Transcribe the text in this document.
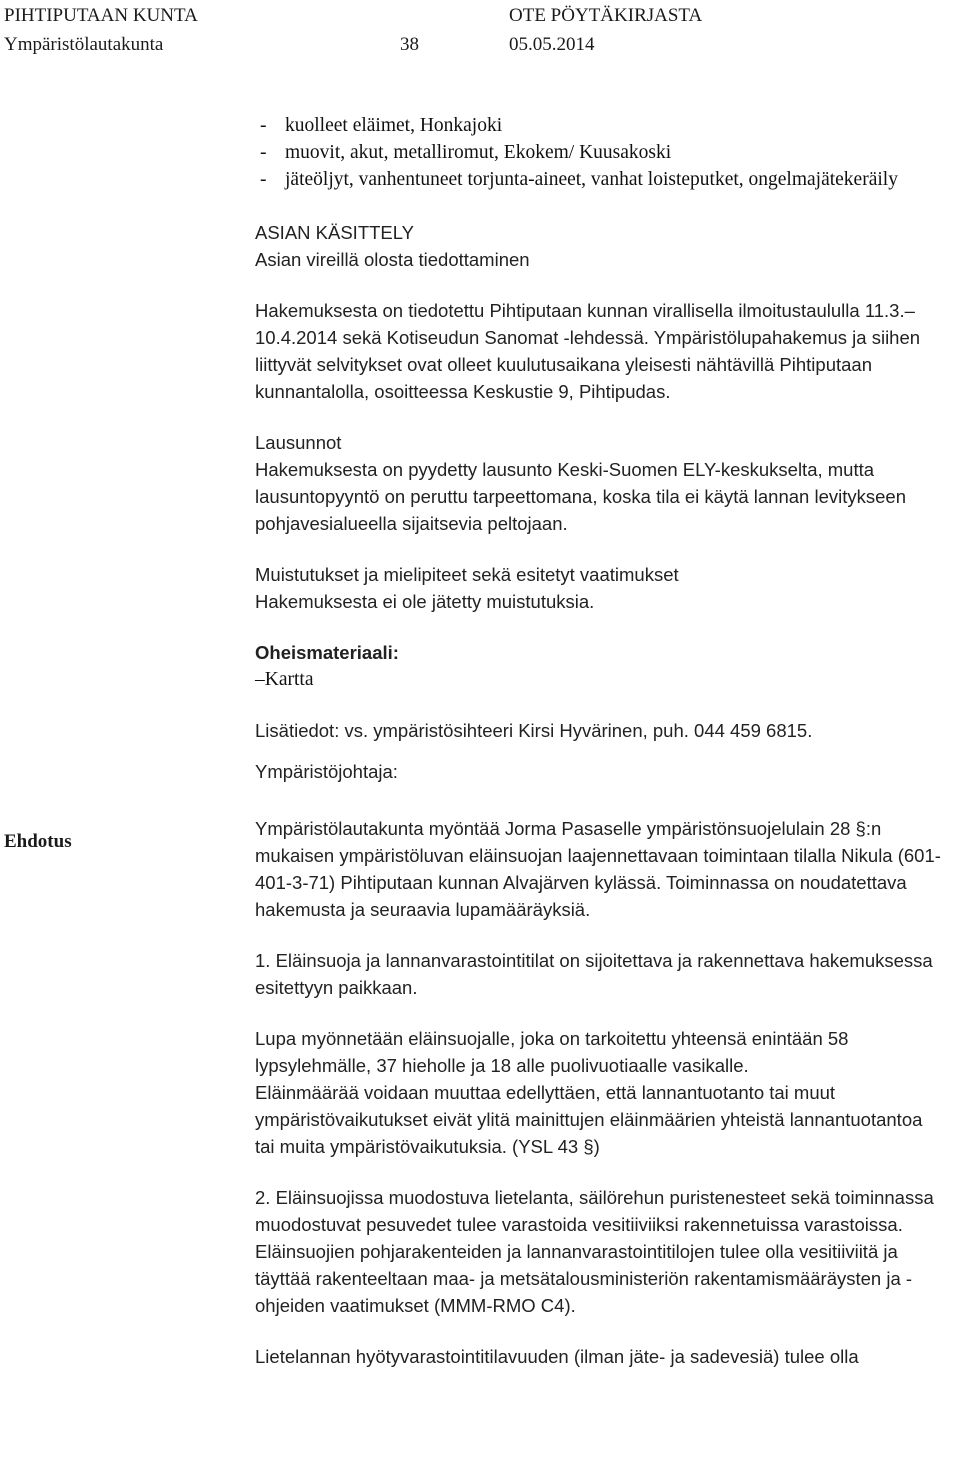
PIHTIPUTAAN KUNTA	OTE PÖYTÄKIRJASTA
Ympäristölautakunta	38	05.05.2014
Ehdotus
- kuolleet eläimet, Honkajoki
- muovit, akut, metalliromut, Ekokem/ Kuusakoski
- jäteöljyt, vanhentuneet torjunta-aineet, vanhat loisteputket, ongelmajätekeräily

ASIAN KÄSITTELY

Asian vireillä olosta tiedottaminen

Hakemuksesta on tiedotettu Pihtiputaan kunnan virallisella ilmoitustaululla 11.3.–10.4.2014 sekä Kotiseudun Sanomat -lehdessä. Ympäristölupahakemus ja siihen liittyvät selvitykset ovat olleet kuulutusaikana yleisesti nähtävillä Pihtiputaan kunnantalolla, osoitteessa Keskustie 9, Pihtipudas.

Lausunnot

Hakemuksesta on pyydetty lausunto Keski-Suomen ELY-keskukselta, mutta lausuntopyyntö on peruttu tarpeettomana, koska tila ei käytä lannan levitykseen pohjavesialueella sijaitsevia peltojaan.

Muistutukset ja mielipiteet sekä esitetyt vaatimukset

Hakemuksesta ei ole jätetty muistutuksia.

Oheismateriaali:

–Kartta

Lisätiedot: vs. ympäristösihteeri Kirsi Hyvärinen, puh. 044 459 6815.

Ympäristöjohtaja:

Ympäristölautakunta myöntää Jorma Pasaselle ympäristönsuojelulain 28 §:n mukaisen ympäristöluvan eläinsuojan laajennettavaan toimintaan tilalla Nikula (601-401-3-71) Pihtiputaan kunnan Alvajärven kylässä. Toiminnassa on noudatettava hakemusta ja seuraavia lupamääräyksiä.

1. Eläinsuoja ja lannanvarastointitilat on sijoitettava ja rakennettava hakemuksessa esitettyyn paikkaan.

Lupa myönnetään eläinsuojalle, joka on tarkoitettu yhteensä enintään 58 lypsylehmälle, 37 hieholle ja 18 alle puolivuotiaalle vasikalle.

Eläinmäärää voidaan muuttaa edellyttäen, että lannantuotanto tai muut ympäristövaikutukset eivät ylitä mainittujen eläinmäärien yhteistä lannantuotantoa tai muita ympäristövaikutuksia. (YSL 43 §)

2. Eläinsuojissa muodostuva lietelanta, säilörehun puristenesteet sekä toiminnassa muodostuvat pesuvedet tulee varastoida vesitiiviiksi rakennetuissa varastoissa. Eläinsuojien pohjarakenteiden ja lannanvarastointitilojen tulee olla vesitiiviitä ja täyttää rakenteeltaan maa- ja metsätalousministeriön rakentamismääräysten ja -ohjeiden vaatimukset (MMM-RMO C4).

Lietelannan hyötyvarastointitilavuuden (ilman jäte- ja sadevesiä) tulee olla
